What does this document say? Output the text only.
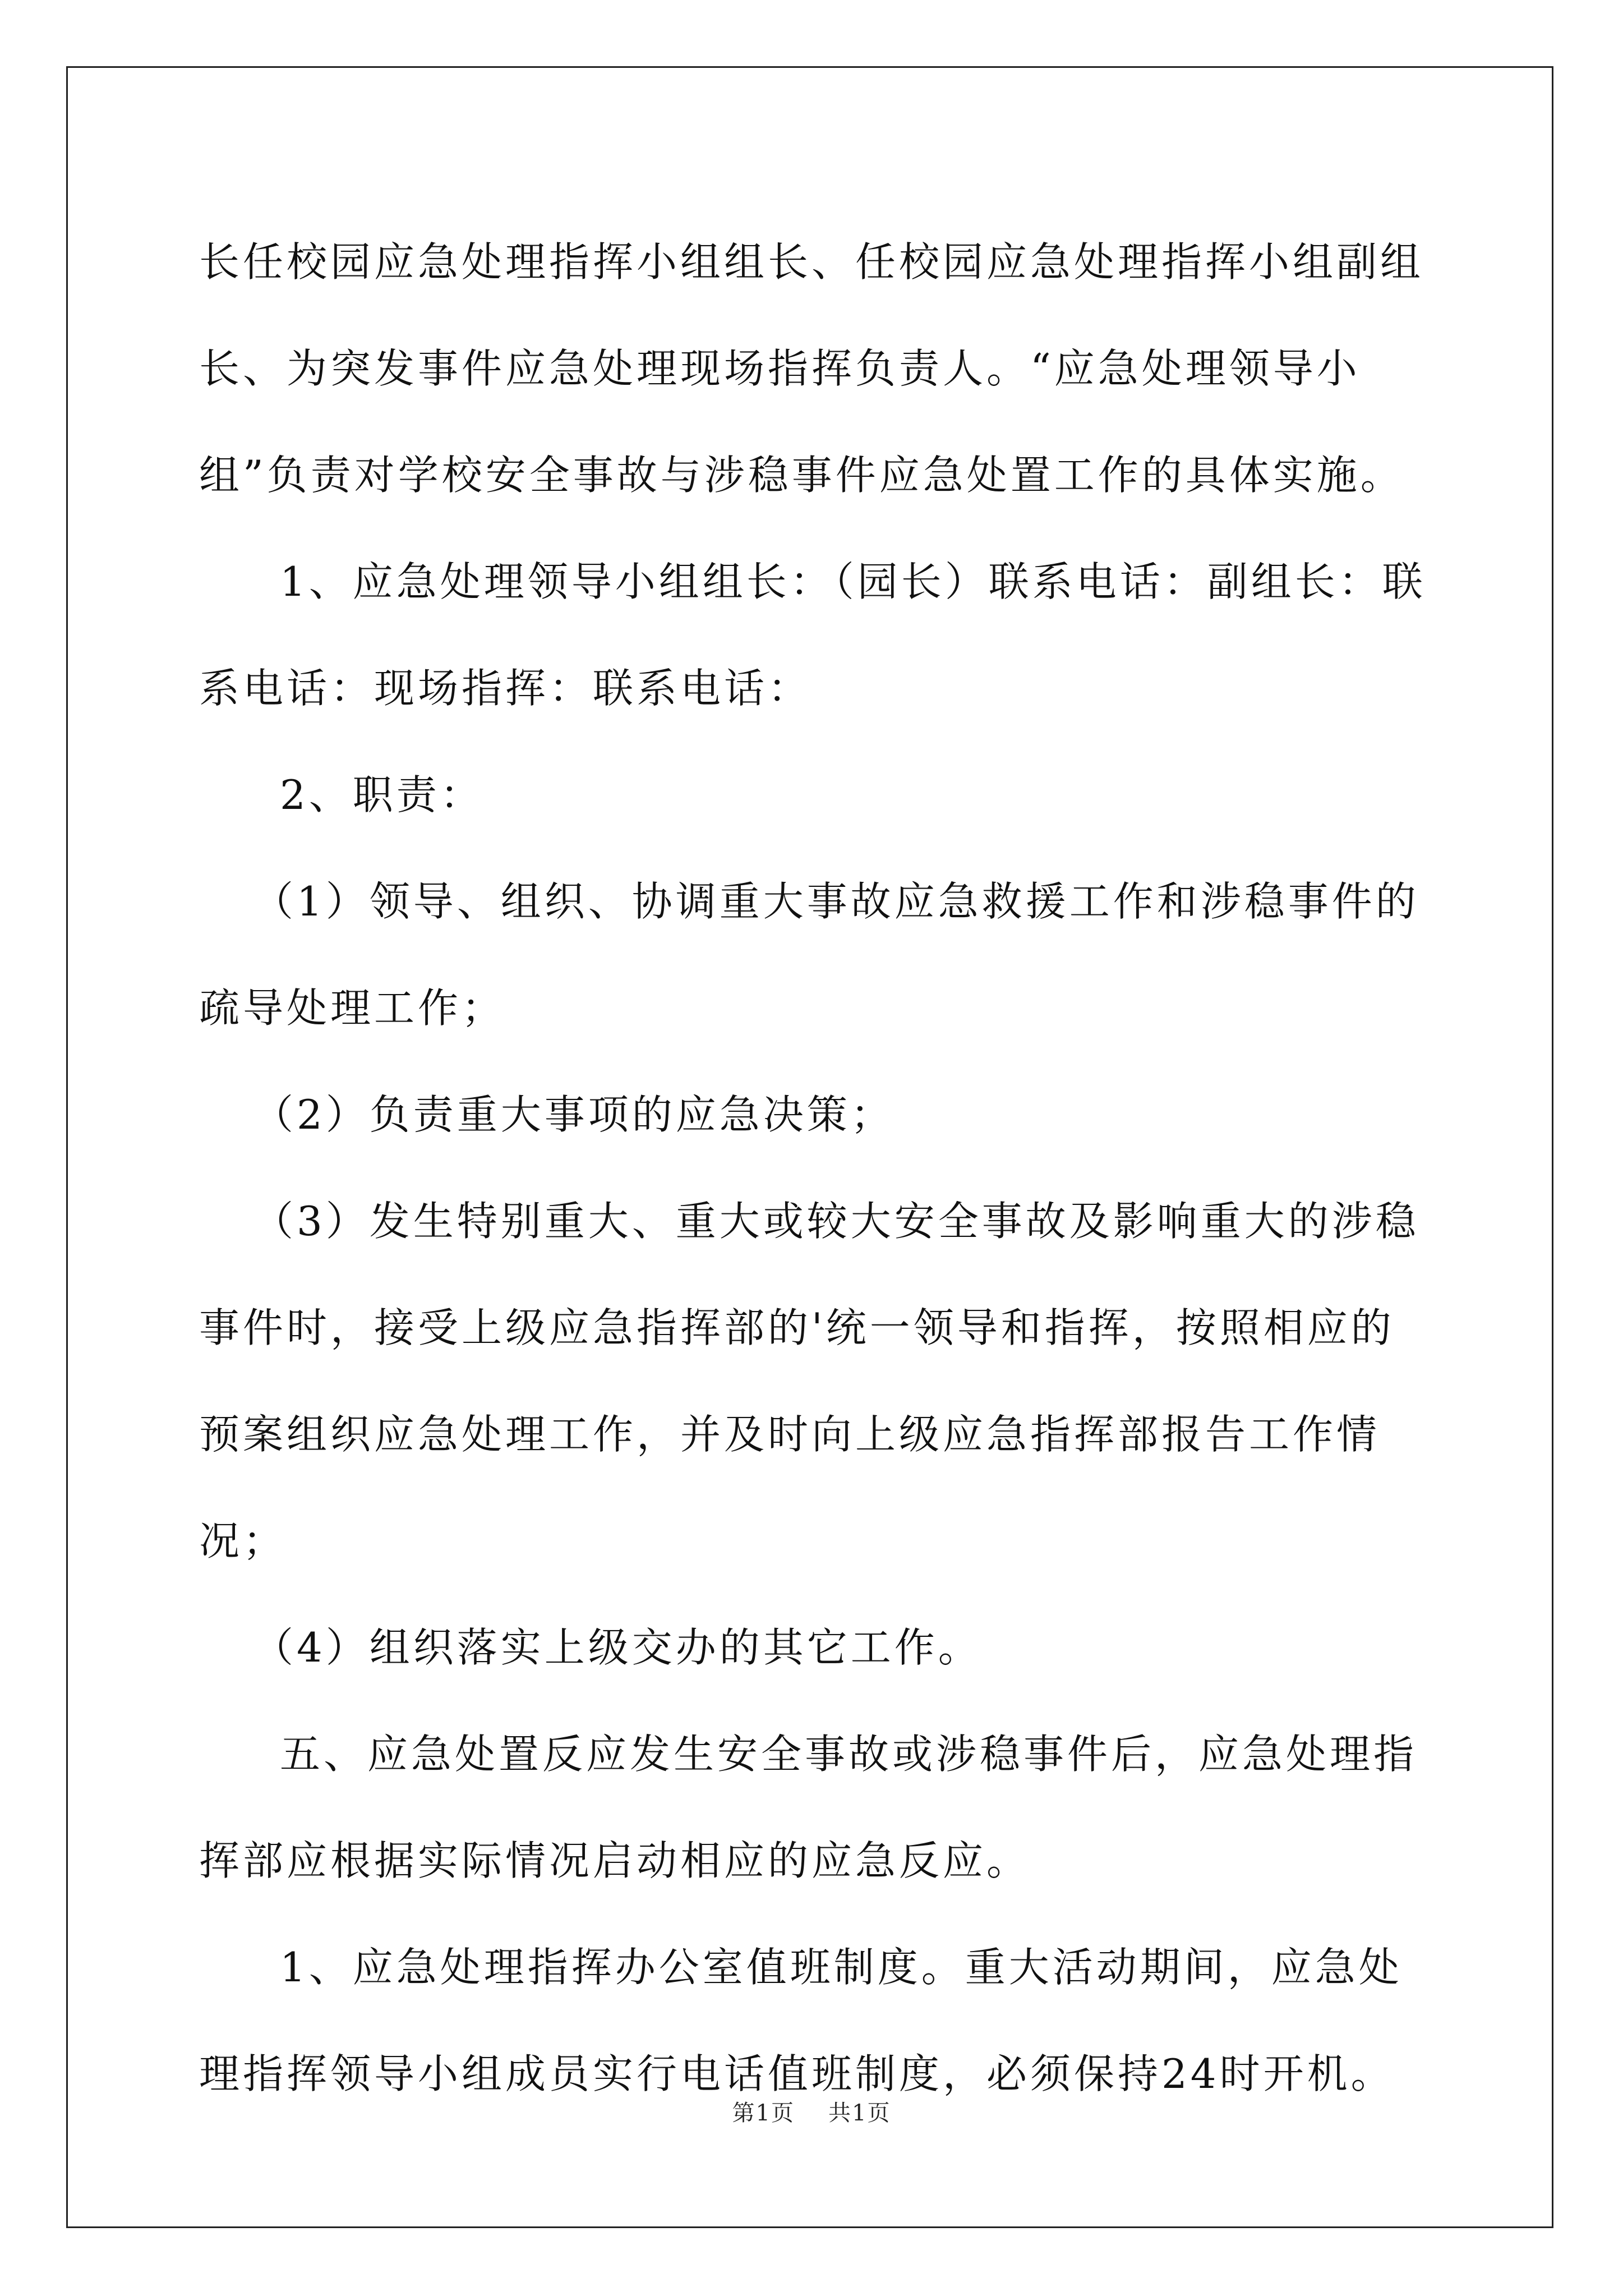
长任校园应急处理指挥小组组长、任校园应急处理指挥小组副组长、为突发事件应急处理现场指挥负责人。“应急处理领导小组”负责对学校安全事故与涉稳事件应急处置工作的具体实施。

1、应急处理领导小组组长：（园长）联系电话：副组长：联系电话：现场指挥：联系电话：

2、职责：

（1）领导、组织、协调重大事故应急救援工作和涉稳事件的疏导处理工作；

（2）负责重大事项的应急决策；

（3）发生特别重大、重大或较大安全事故及影响重大的涉稳事件时，接受上级应急指挥部的'统一领导和指挥，按照相应的预案组织应急处理工作，并及时向上级应急指挥部报告工作情况；

（4）组织落实上级交办的其它工作。

五、应急处置反应发生安全事故或涉稳事件后，应急处理指挥部应根据实际情况启动相应的应急反应。

1、应急处理指挥办公室值班制度。重大活动期间，应急处理指挥领导小组成员实行电话值班制度，必须保持24时开机。

第1页 共1页
